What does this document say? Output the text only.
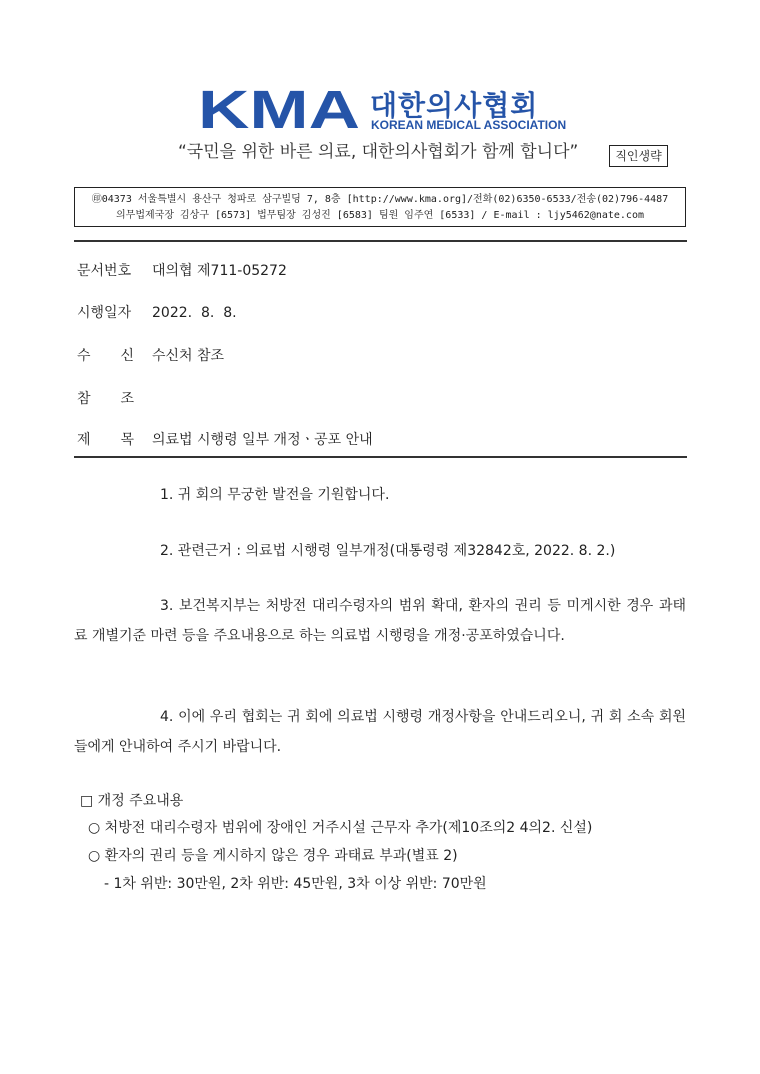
KMA 대한의사협회
KOREAN MEDICAL ASSOCIATION
“국민을 위한 바른 의료, 대한의사협회가 함께 합니다”	직인생략
㊞04373 서울특별시 용산구 청파로 삼구빌딩 7, 8층 [http://www.kma.org]/전화(02)6350-6533/전송(02)796-4487
의무법제국장 김상구 [6573] 법무팀장 김성진 [6583] 팀원 임주연 [6533] / E-mail : ljy5462@nate.com
문서번호 대의협 제711-05272
시행일자 2022.  8.  8.
수신수신처 참조
참조
제목의료법 시행령 일부 개정ㆍ공포 안내
1. 귀 회의 무궁한 발전을 기원합니다.
2. 관련근거 : 의료법 시행령 일부개정(대통령령 제32842호, 2022. 8. 2.)
3. 보건복지부는 처방전 대리수령자의 범위 확대, 환자의 권리 등 미게시한 경우 과태료 개별기준 마련 등을 주요내용으로 하는 의료법 시행령을 개정·공포하였습니다.
4. 이에 우리 협회는 귀 회에 의료법 시행령 개정사항을 안내드리오니, 귀 회 소속 회원들에게 안내하여 주시기 바랍니다.
□ 개정 주요내용
○ 처방전 대리수령자 범위에 장애인 거주시설 근무자 추가(제10조의2 4의2. 신설)
○ 환자의 권리 등을 게시하지 않은 경우 과태료 부과(별표 2)
- 1차 위반: 30만원, 2차 위반: 45만원, 3차 이상 위반: 70만원
